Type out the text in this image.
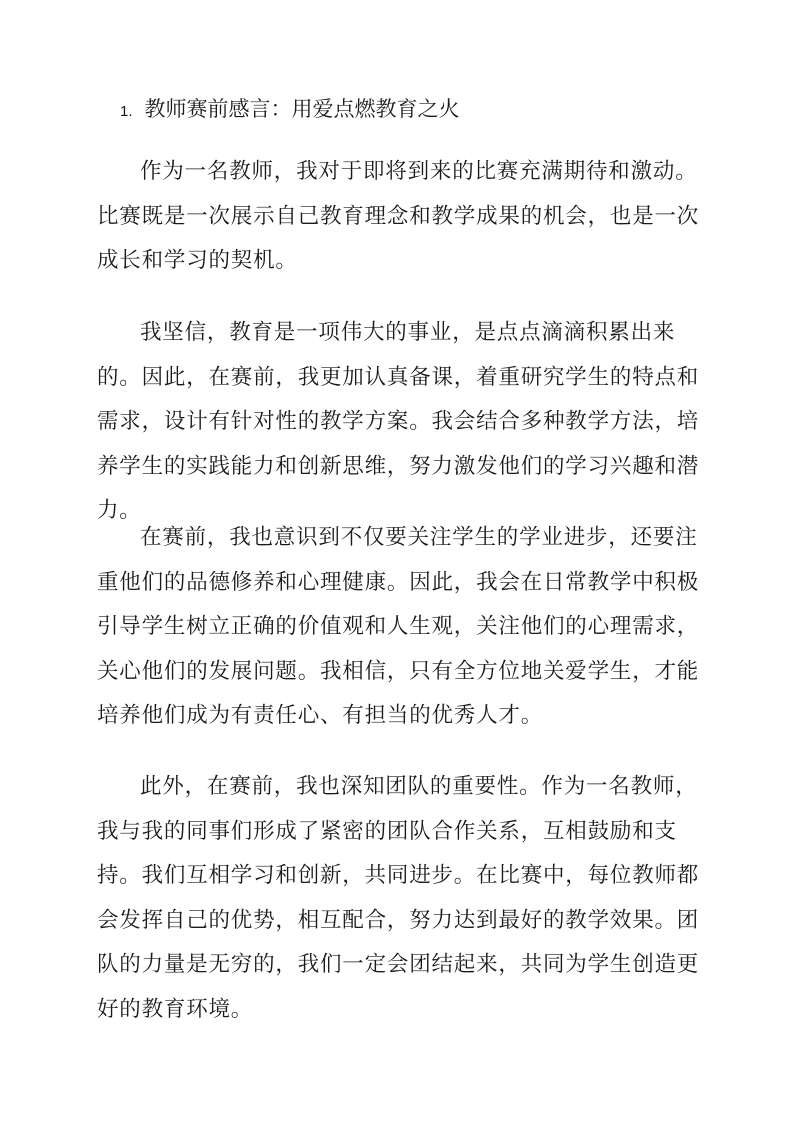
1. 教师赛前感言：用爱点燃教育之火

作为一名教师，我对于即将到来的比赛充满期待和激动。比赛既是一次展示自己教育理念和教学成果的机会，也是一次成长和学习的契机。

我坚信，教育是一项伟大的事业，是点点滴滴积累出来的。因此，在赛前，我更加认真备课，着重研究学生的特点和需求，设计有针对性的教学方案。我会结合多种教学方法，培养学生的实践能力和创新思维，努力激发他们的学习兴趣和潜力。

在赛前，我也意识到不仅要关注学生的学业进步，还要注重他们的品德修养和心理健康。因此，我会在日常教学中积极引导学生树立正确的价值观和人生观，关注他们的心理需求，关心他们的发展问题。我相信，只有全方位地关爱学生，才能培养他们成为有责任心、有担当的优秀人才。

此外，在赛前，我也深知团队的重要性。作为一名教师，我与我的同事们形成了紧密的团队合作关系，互相鼓励和支持。我们互相学习和创新，共同进步。在比赛中，每位教师都会发挥自己的优势，相互配合，努力达到最好的教学效果。团队的力量是无穷的，我们一定会团结起来，共同为学生创造更好的教育环境。
